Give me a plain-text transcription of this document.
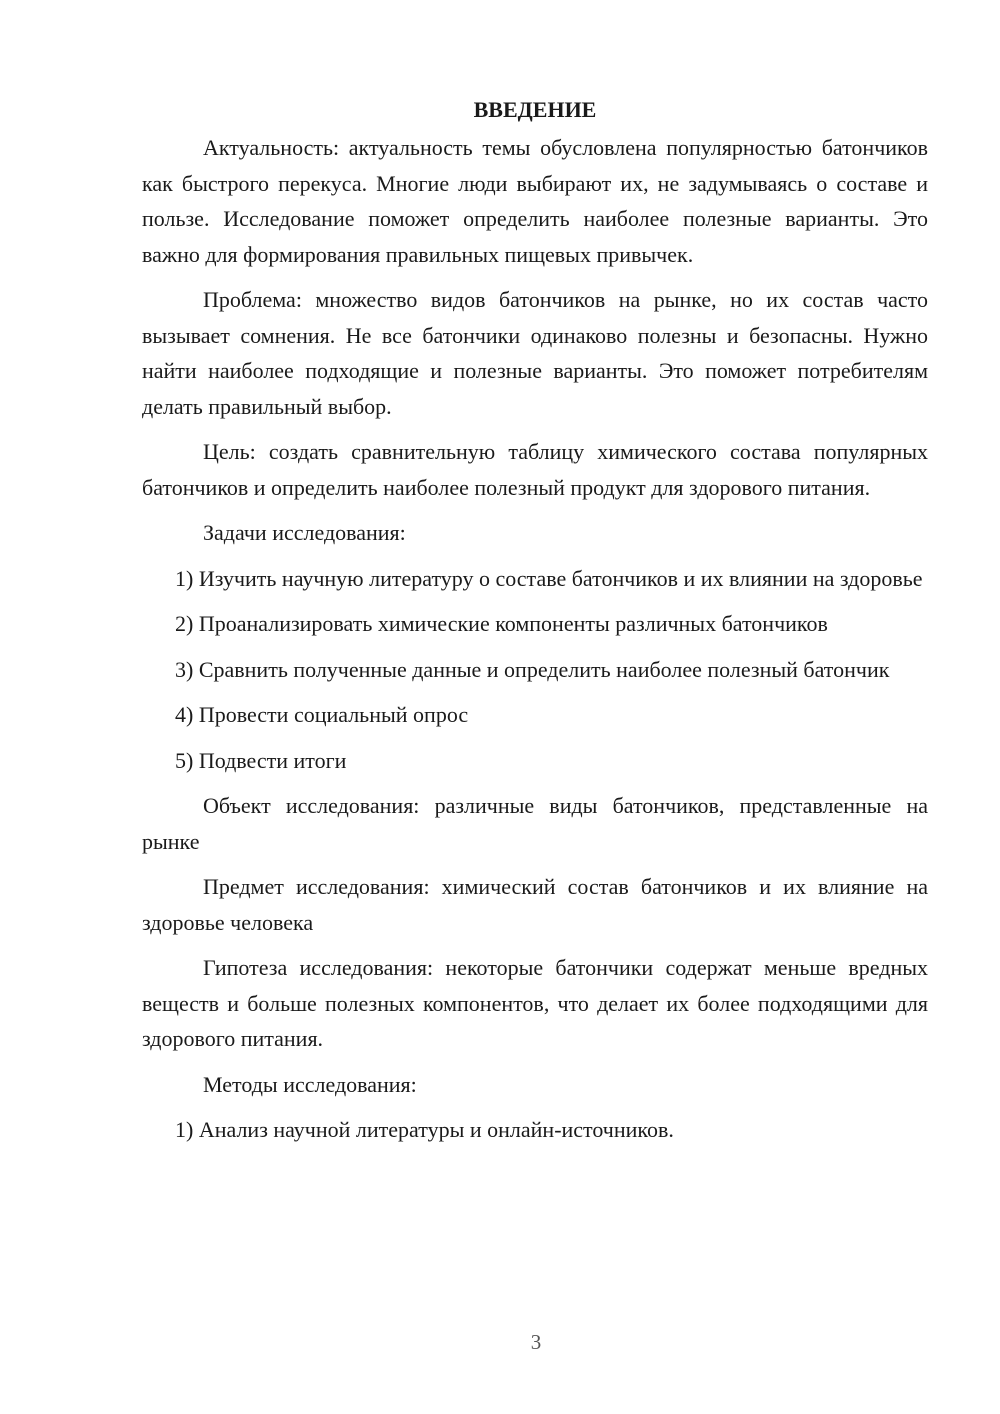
ВВЕДЕНИЕ

Актуальность: актуальность темы обусловлена популярностью батончиков как быстрого перекуса. Многие люди выбирают их, не задумываясь о составе и пользе. Исследование поможет определить наиболее полезные варианты. Это важно для формирования правильных пищевых привычек.

Проблема: множество видов батончиков на рынке, но их состав часто вызывает сомнения. Не все батончики одинаково полезны и безопасны. Нужно найти наиболее подходящие и полезные варианты. Это поможет потребителям делать правильный выбор.

Цель: создать сравнительную таблицу химического состава популярных батончиков и определить наиболее полезный продукт для здорового питания.

Задачи исследования:

1) Изучить научную литературу о составе батончиков и их влиянии на здоровье

2) Проанализировать химические компоненты различных батончиков

3) Сравнить полученные данные и определить наиболее полезный батончик

4) Провести социальный опрос

5) Подвести итоги

Объект исследования: различные виды батончиков, представленные на рынке

Предмет исследования: химический состав батончиков и их влияние на здоровье человека

Гипотеза исследования: некоторые батончики содержат меньше вредных веществ и больше полезных компонентов, что делает их более подходящими для здорового питания.

Методы исследования:

1) Анализ научной литературы и онлайн-источников.

3
